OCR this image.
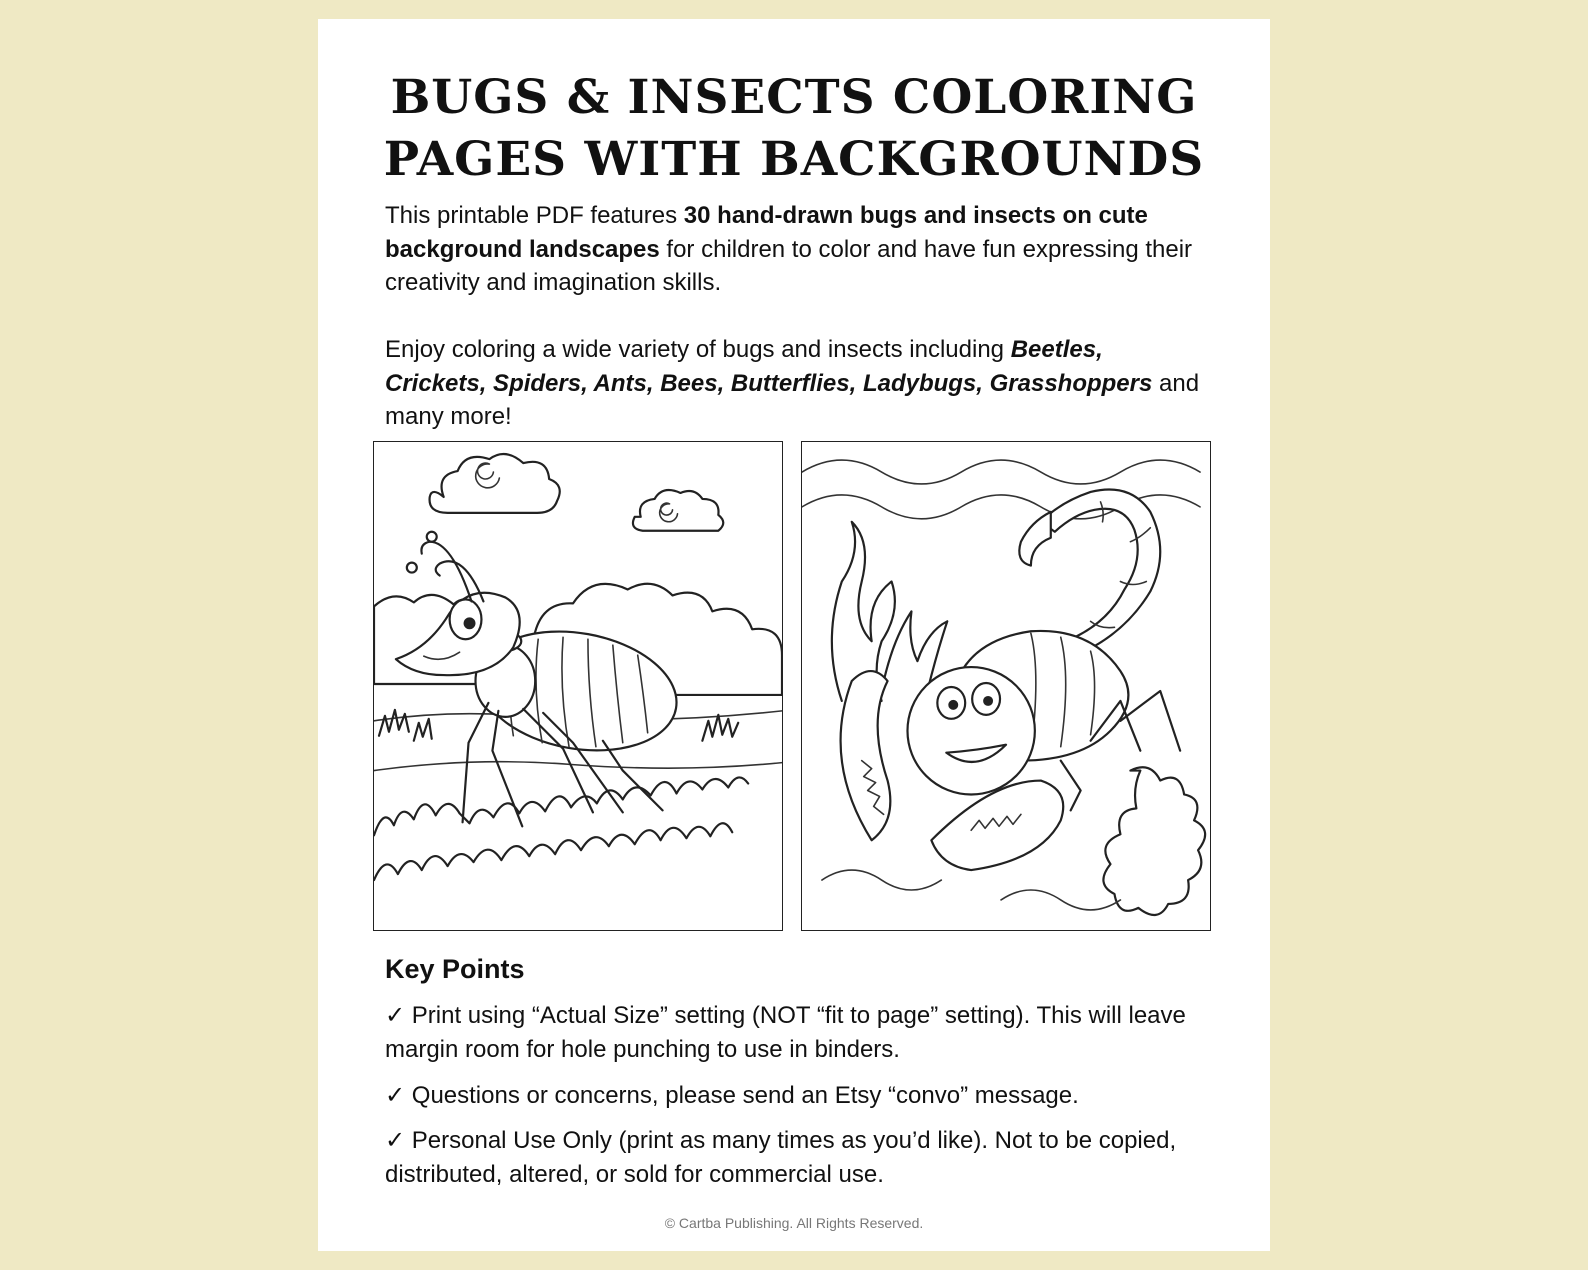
BUGS & INSECTS COLORING
PAGES WITH BACKGROUNDS
This printable PDF features 30 hand-drawn bugs and insects on cute background landscapes for children to color and have fun expressing their creativity and imagination skills.
Enjoy coloring a wide variety of bugs and insects including Beetles, Crickets, Spiders, Ants, Bees, Butterflies, Ladybugs, Grasshoppers and many more!
Key Points
✓ Print using “Actual Size” setting (NOT “fit to page” setting). This will leave margin room for hole punching to use in binders.
✓ Questions or concerns, please send an Etsy “convo” message.
✓ Personal Use Only (print as many times as you’d like). Not to be copied, distributed, altered, or sold for commercial use.
© Cartba Publishing. All Rights Reserved.
